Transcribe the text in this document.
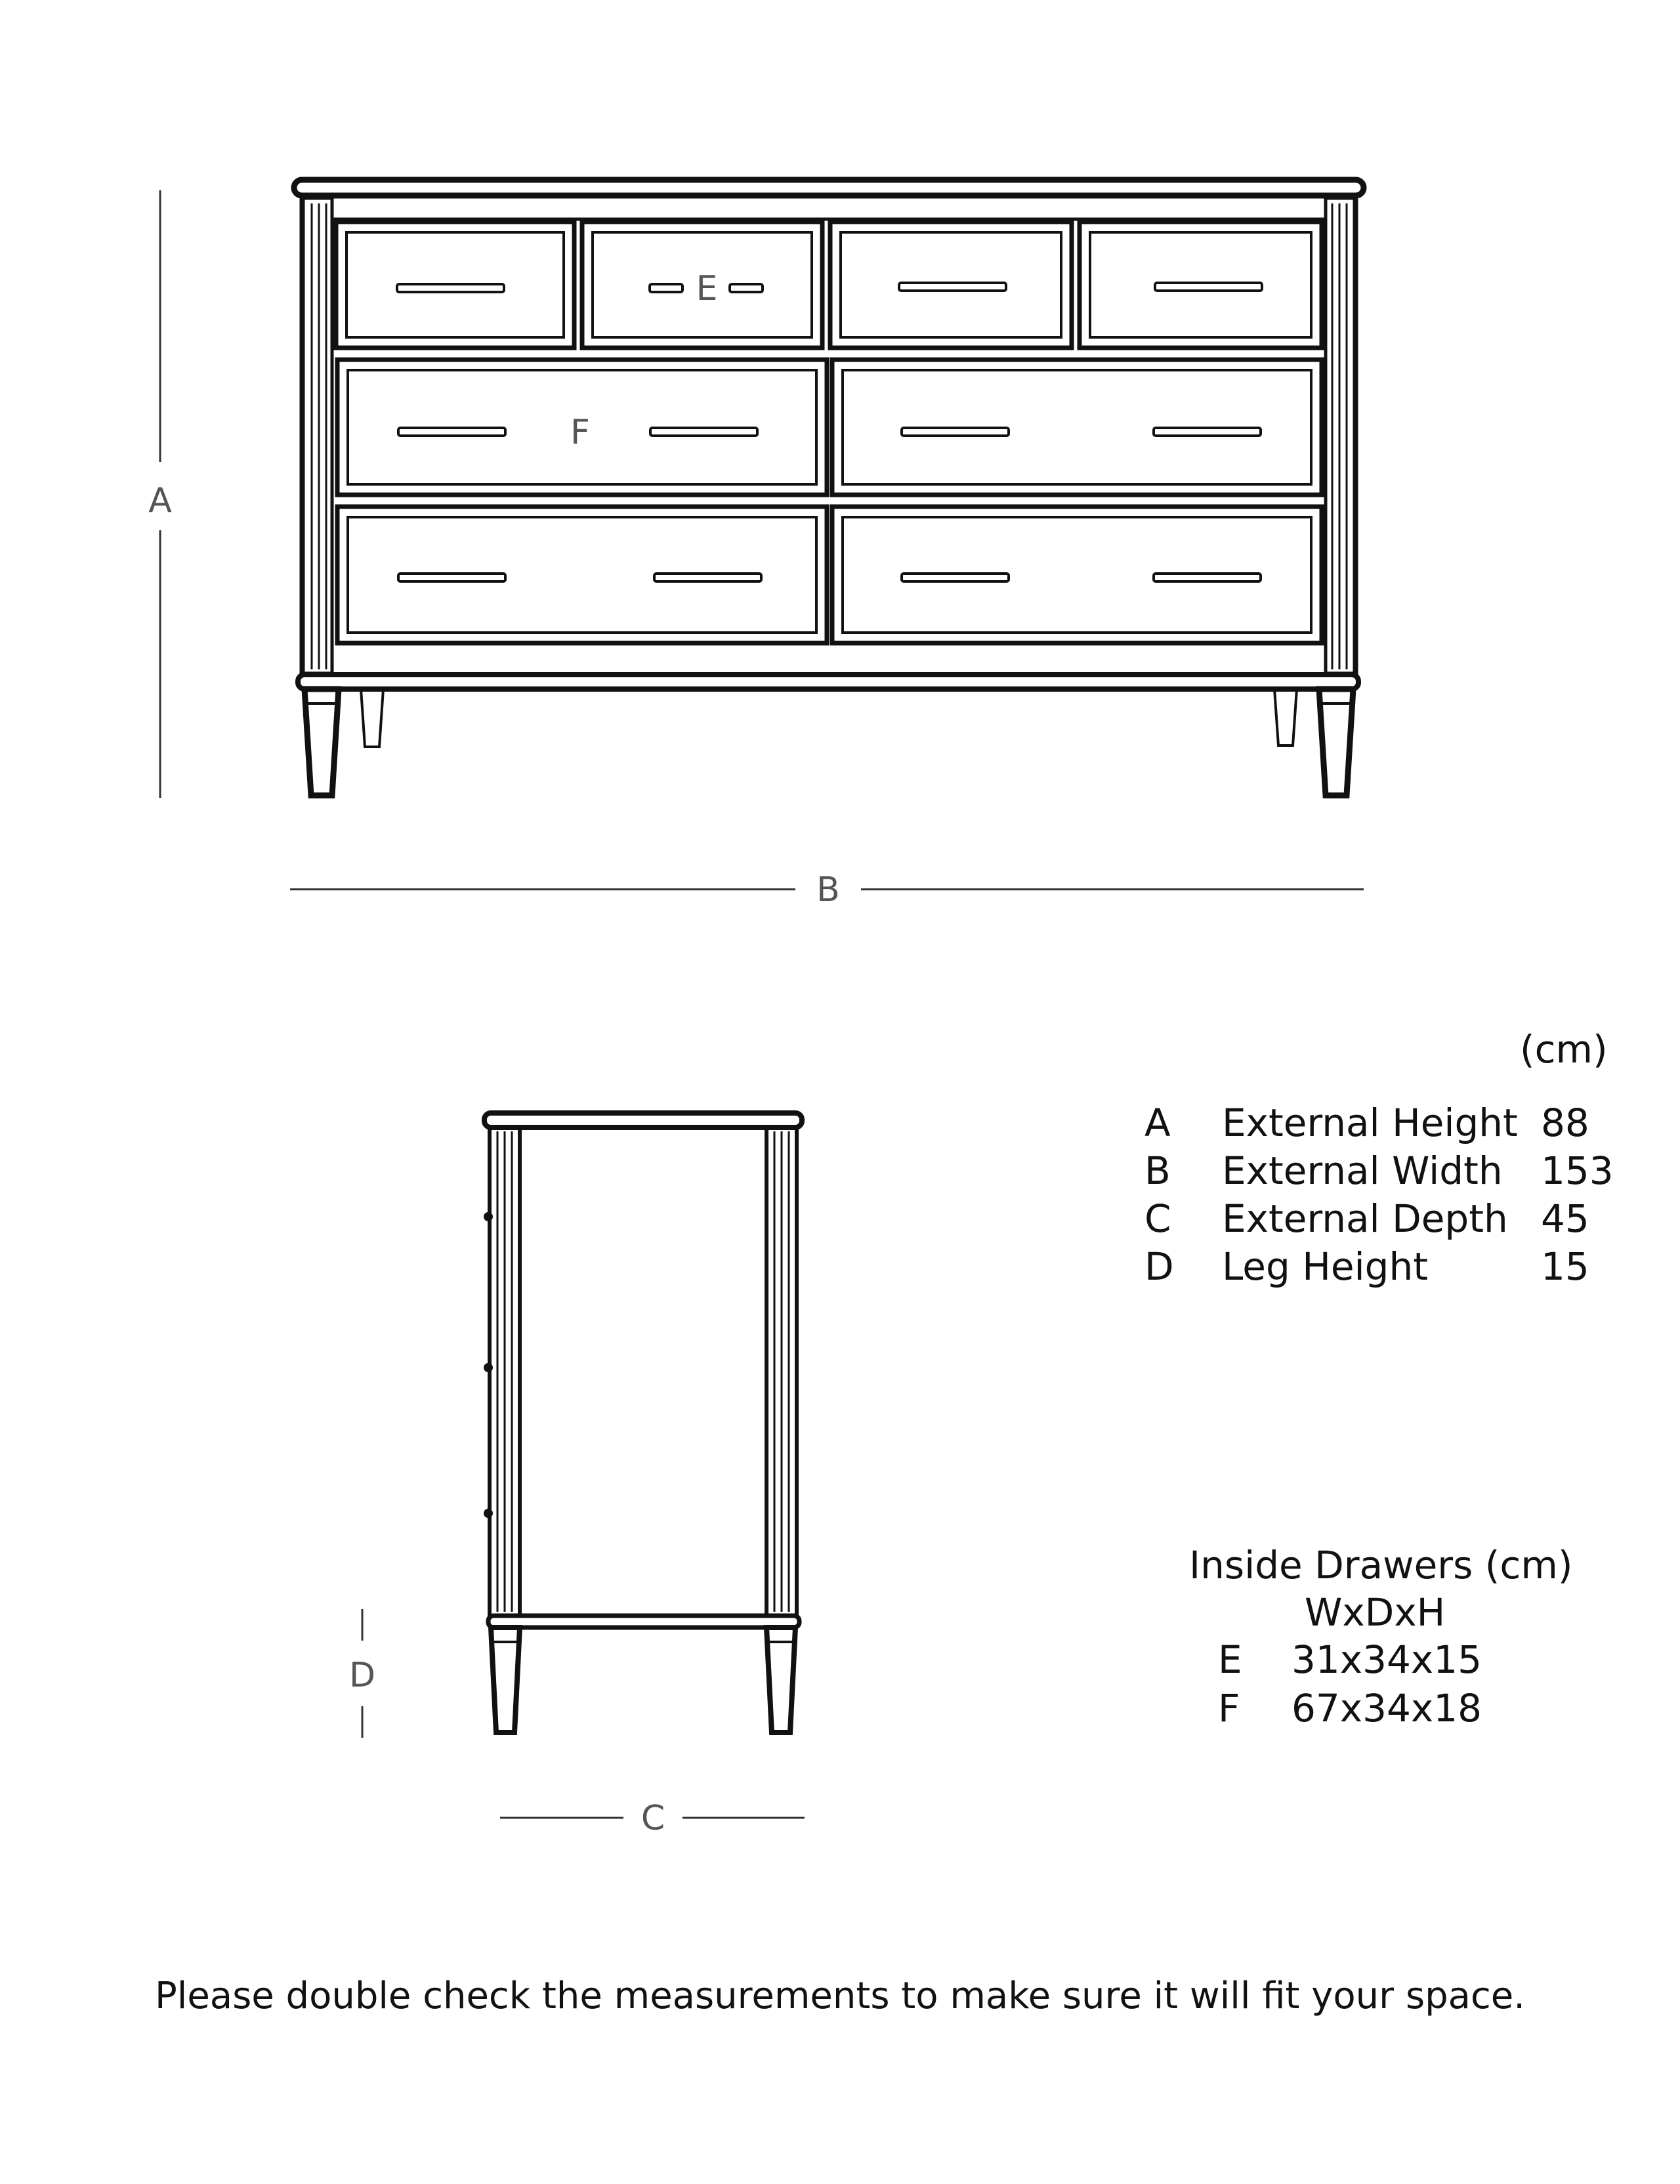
E
F
A
B
C
D
(cm)
A External Height 88
B External Width 153
C External Depth 45
D Leg Height	15
Inside Drawers (cm)
WxDxH
E 31x34x15
F 67x34x18
Please double check the measurements to make sure it will fit your space.
